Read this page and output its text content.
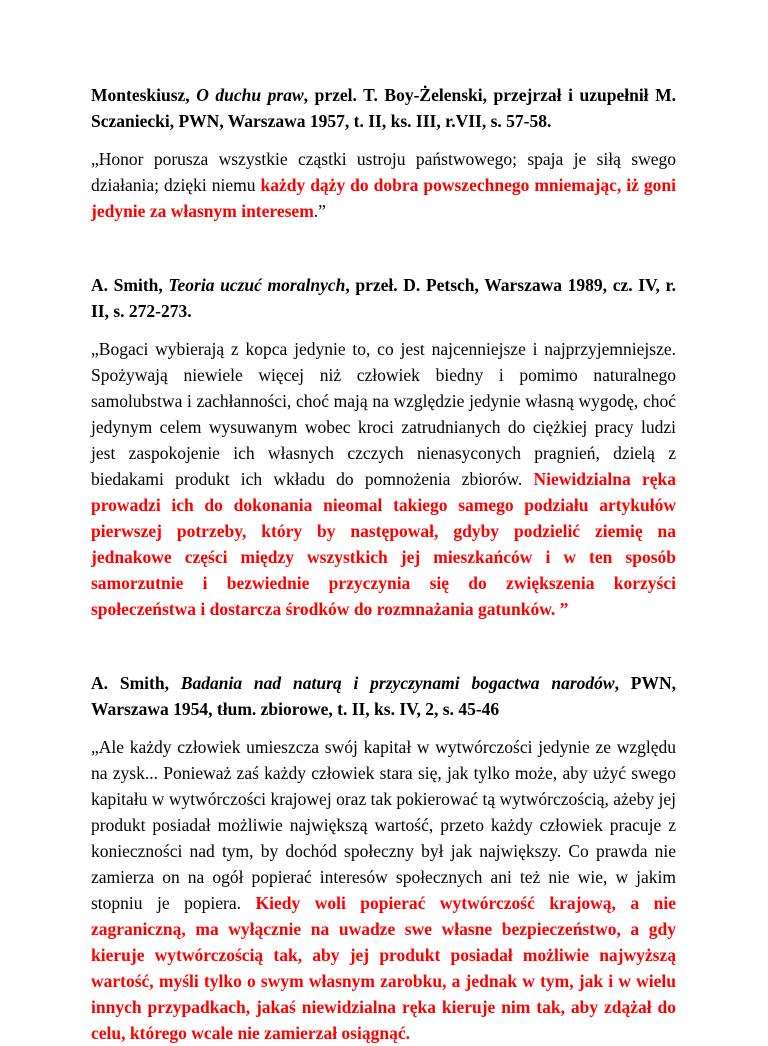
Monteskiusz, O duchu praw, przel. T. Boy-Żelenski, przejrzał i uzupełnił M. Sczaniecki, PWN, Warszawa 1957, t. II, ks. III, r.VII, s. 57-58.

„Honor porusza wszystkie cząstki ustroju państwowego; spaja je siłą swego działania; dzięki niemu każdy dąży do dobra powszechnego mniemając, iż goni jedynie za własnym interesem.”

A. Smith, Teoria uczuć moralnych, przeł. D. Petsch, Warszawa 1989, cz. IV, r. II, s. 272-273.

„Bogaci wybierają z kopca jedynie to, co jest najcenniejsze i najprzyjemniejsze. Spożywają niewiele więcej niż człowiek biedny i pomimo naturalnego samolubstwa i zachłanności, choć mają na względzie jedynie własną wygodę, choć jedynym celem wysuwanym wobec kroci zatrudnianych do ciężkiej pracy ludzi jest zaspokojenie ich własnych czczych nienasyconych pragnień, dzielą z biedakami produkt ich wkładu do pomnożenia zbiorów. Niewidzialna ręka prowadzi ich do dokonania nieomal takiego samego podziału artykułów pierwszej potrzeby, który by następował, gdyby podzielić ziemię na jednakowe części między wszystkich jej mieszkańców i w ten sposób samorzutnie i bezwiednie przyczynia się do zwiększenia korzyści społeczeństwa i dostarcza środków do rozmnażania gatunków. ”

A. Smith, Badania nad naturą i przyczynami bogactwa narodów, PWN, Warszawa 1954, tłum. zbiorowe, t. II, ks. IV, 2, s. 45-46

„Ale każdy człowiek umieszcza swój kapitał w wytwórczości jedynie ze względu na zysk... Ponieważ zaś każdy człowiek stara się, jak tylko może, aby użyć swego kapitału w wytwórczości krajowej oraz tak pokierować tą wytwórczością, ażeby jej produkt posiadał możliwie największą wartość, przeto każdy człowiek pracuje z konieczności nad tym, by dochód społeczny był jak największy. Co prawda nie zamierza on na ogół popierać interesów społecznych ani też nie wie, w jakim stopniu je popiera. Kiedy woli popierać wytwórczość krajową, a nie zagraniczną, ma wyłącznie na uwadze swe własne bezpieczeństwo, a gdy kieruje wytwórczością tak, aby jej produkt posiadał możliwie najwyższą wartość, myśli tylko o swym własnym zarobku, a jednak w tym, jak i w wielu innych przypadkach, jakaś niewidzialna ręka kieruje nim tak, aby zdążał do celu, którego wcale nie zamierzał osiągnąć.
